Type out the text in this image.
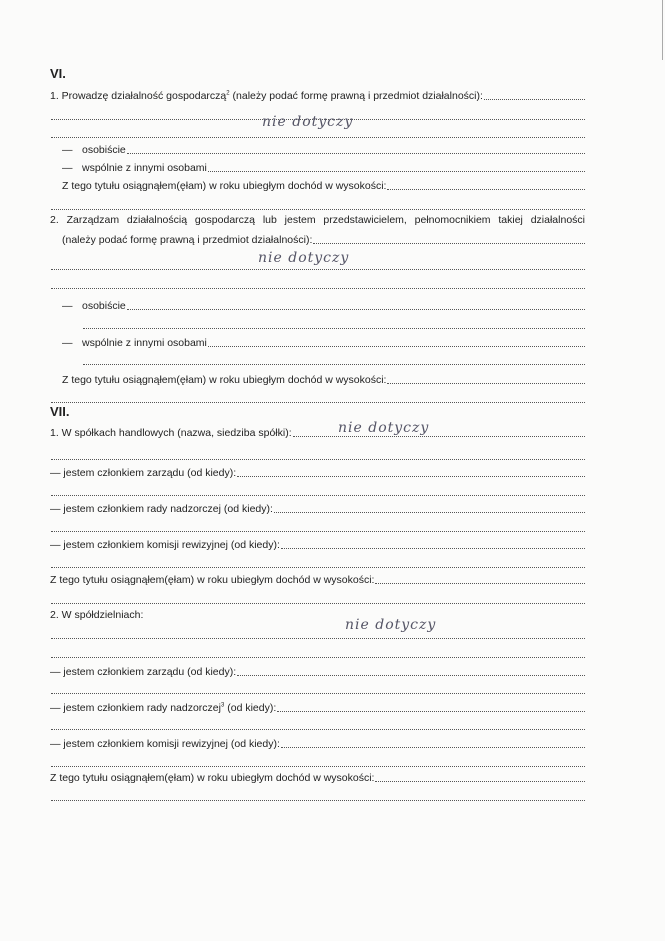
VI.
1. Prowadzę działalność gospodarczą$^2$ (należy podać formę prawną i przedmiot działalności):
nie dotyczy
— osobiście
— wspólnie z innymi osobami
Z tego tytułu osiągnąłem(ęłam) w roku ubiegłym dochód w wysokości:
2. Zarządzam działalnością gospodarczą lub jestem przedstawicielem, pełnomocnikiem takiej działalności
(należy podać formę prawną i przedmiot działalności):
nie dotyczy
— osobiście
— wspólnie z innymi osobami
Z tego tytułu osiągnąłem(ęłam) w roku ubiegłym dochód w wysokości:
VII.
1. W spółkach handlowych (nazwa, siedziba spółki):	nie dotyczy
— jestem członkiem zarządu (od kiedy):
— jestem członkiem rady nadzorczej (od kiedy):
— jestem członkiem komisji rewizyjnej (od kiedy):
Z tego tytułu osiągnąłem(ęłam) w roku ubiegłym dochód w wysokości:
2. W spółdzielniach:
nie dotyczy
— jestem członkiem zarządu (od kiedy):
— jestem członkiem rady nadzorczej$^3$ (od kiedy):
— jestem członkiem komisji rewizyjnej (od kiedy):
Z tego tytułu osiągnąłem(ęłam) w roku ubiegłym dochód w wysokości:
